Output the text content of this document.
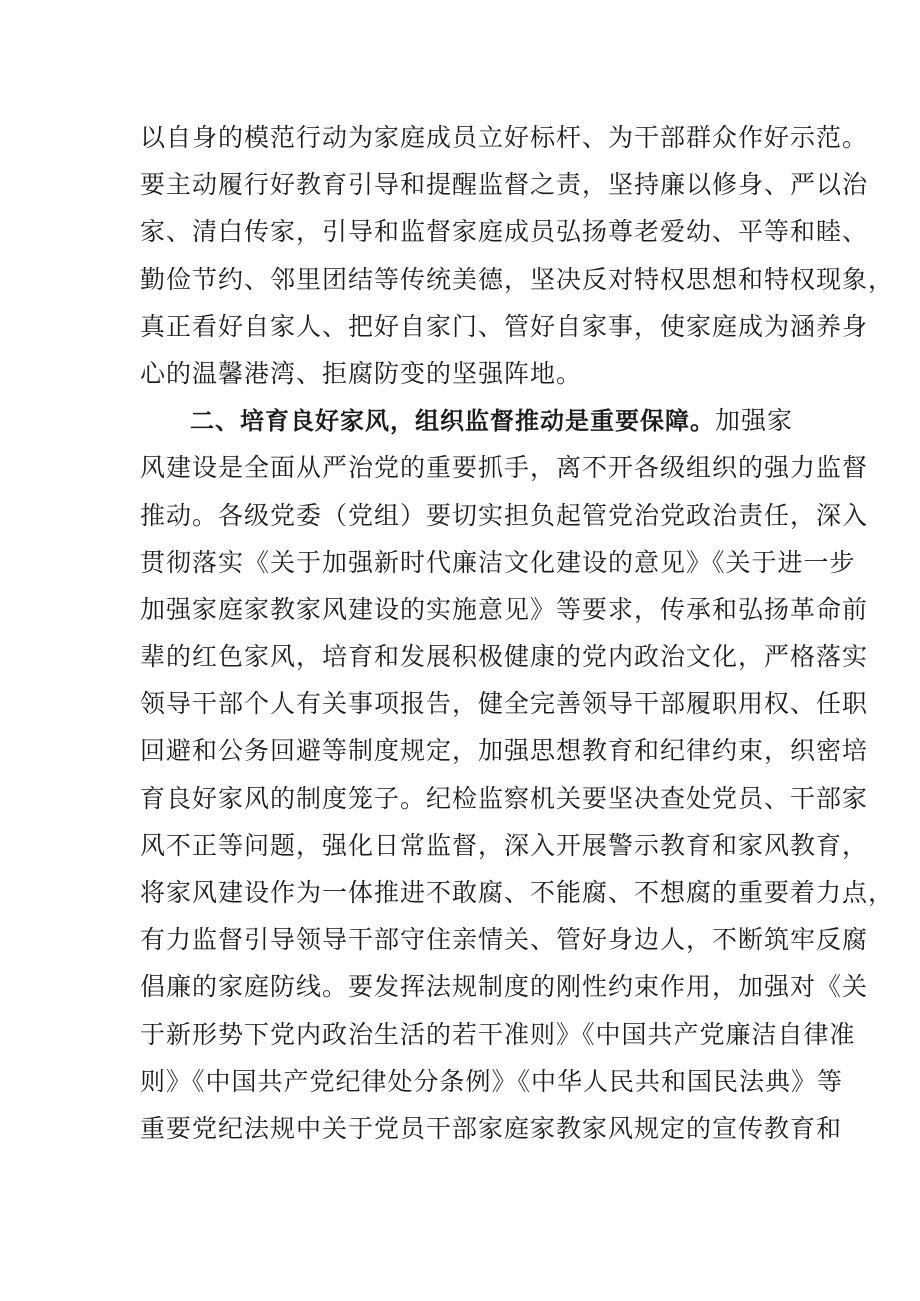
以自身的模范行动为家庭成员立好标杆、为干部群众作好示范。
要主动履行好教育引导和提醒监督之责，坚持廉以修身、严以治
家、清白传家，引导和监督家庭成员弘扬尊老爱幼、平等和睦、
勤俭节约、邻里团结等传统美德，坚决反对特权思想和特权现象，
真正看好自家人、把好自家门、管好自家事，使家庭成为涵养身
心的温馨港湾、拒腐防变的坚强阵地。
二、培育良好家风，组织监督推动是重要保障。加强家
风建设是全面从严治党的重要抓手，离不开各级组织的强力监督
推动。各级党委（党组）要切实担负起管党治党政治责任，深入
贯彻落实《关于加强新时代廉洁文化建设的意见》《关于进一步
加强家庭家教家风建设的实施意见》等要求，传承和弘扬革命前
辈的红色家风，培育和发展积极健康的党内政治文化，严格落实
领导干部个人有关事项报告，健全完善领导干部履职用权、任职
回避和公务回避等制度规定，加强思想教育和纪律约束，织密培
育良好家风的制度笼子。纪检监察机关要坚决查处党员、干部家
风不正等问题，强化日常监督，深入开展警示教育和家风教育，
将家风建设作为一体推进不敢腐、不能腐、不想腐的重要着力点，
有力监督引导领导干部守住亲情关、管好身边人，不断筑牢反腐
倡廉的家庭防线。要发挥法规制度的刚性约束作用，加强对《关
于新形势下党内政治生活的若干准则》《中国共产党廉洁自律准
则》《中国共产党纪律处分条例》《中华人民共和国民法典》等
重要党纪法规中关于党员干部家庭家教家风规定的宣传教育和
